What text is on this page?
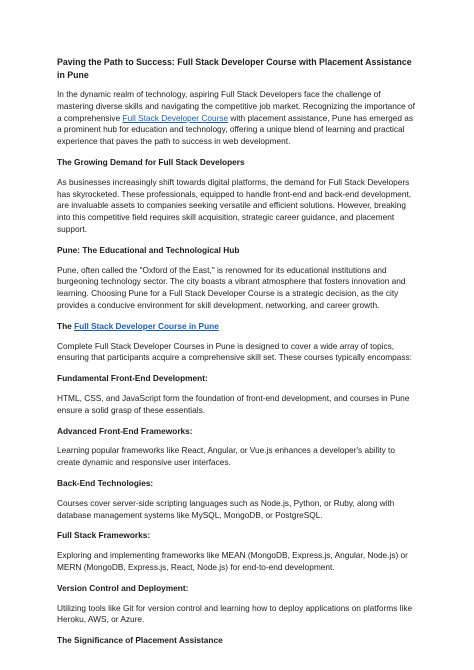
Paving the Path to Success: Full Stack Developer Course with Placement Assistance in Pune
In the dynamic realm of technology, aspiring Full Stack Developers face the challenge of mastering diverse skills and navigating the competitive job market. Recognizing the importance of a comprehensive Full Stack Developer Course with placement assistance, Pune has emerged as a prominent hub for education and technology, offering a unique blend of learning and practical experience that paves the path to success in web development.
The Growing Demand for Full Stack Developers
As businesses increasingly shift towards digital platforms, the demand for Full Stack Developers has skyrocketed. These professionals, equipped to handle front-end and back-end development, are invaluable assets to companies seeking versatile and efficient solutions. However, breaking into this competitive field requires skill acquisition, strategic career guidance, and placement support.
Pune: The Educational and Technological Hub
Pune, often called the "Oxford of the East," is renowned for its educational institutions and burgeoning technology sector. The city boasts a vibrant atmosphere that fosters innovation and learning. Choosing Pune for a Full Stack Developer Course is a strategic decision, as the city provides a conducive environment for skill development, networking, and career growth.
The Full Stack Developer Course in Pune
Complete Full Stack Developer Courses in Pune is designed to cover a wide array of topics, ensuring that participants acquire a comprehensive skill set. These courses typically encompass:
Fundamental Front-End Development:
HTML, CSS, and JavaScript form the foundation of front-end development, and courses in Pune ensure a solid grasp of these essentials.
Advanced Front-End Frameworks:
Learning popular frameworks like React, Angular, or Vue.js enhances a developer's ability to create dynamic and responsive user interfaces.
Back-End Technologies:
Courses cover server-side scripting languages such as Node.js, Python, or Ruby, along with database management systems like MySQL, MongoDB, or PostgreSQL.
Full Stack Frameworks:
Exploring and implementing frameworks like MEAN (MongoDB, Express.js, Angular, Node.js) or MERN (MongoDB, Express.js, React, Node.js) for end-to-end development.
Version Control and Deployment:
Utilizing tools like Git for version control and learning how to deploy applications on platforms like Heroku, AWS, or Azure.
The Significance of Placement Assistance
